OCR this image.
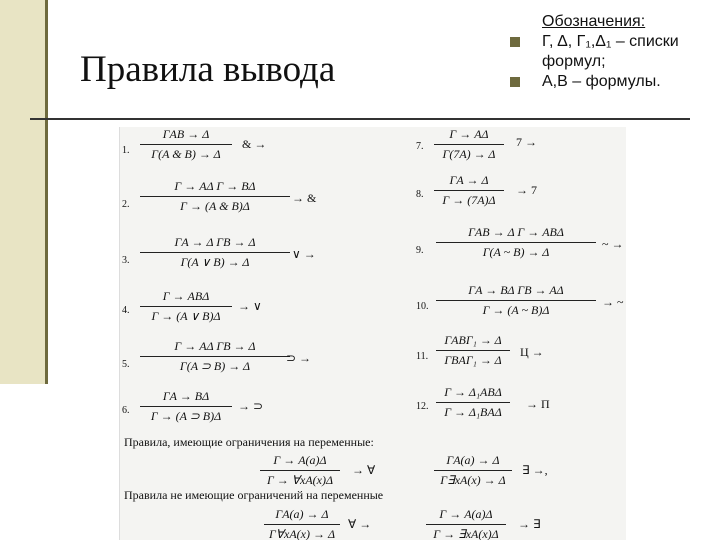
Правила вывода
Обозначения:
Γ, Δ, Γ₁,Δ₁ – списки формул;
А,В – формулы.
1.
ΓAB → Δ
Γ(A & B) → Δ
& →
2.
Γ → AΔ Γ → BΔ
Γ → (A & B)Δ
→ &
3.
ΓA → Δ ΓB → Δ
Γ(A ∨ B) → Δ
∨ →
4.
Γ → ABΔ
Γ → (A ∨ B)Δ
→ ∨
5.
Γ → AΔ ΓB → Δ
Γ(A ⊃ B) → Δ
⊃ →
6.
ΓA → BΔ
Γ → (A ⊃ B)Δ
→ ⊃
7.
Γ → AΔ
Γ(7A) → Δ
7 →
8.
ΓA → Δ
Γ → (7A)Δ
→ 7
9.
ΓAB → Δ Γ → ABΔ
Γ(A ~ B) → Δ
~ →
10.
ΓA → BΔ ΓB → AΔ
Γ → (A ~ B)Δ
→ ~
11.
ΓABΓ₁ → Δ
ΓBAΓ₁ → Δ
Ц →
12.
Γ → Δ₁ABΔ
Γ → Δ₁BAΔ
→ П
Правила, имеющие ограничения на переменные:
Γ → A(a)Δ
Γ → ∀xA(x)Δ
→ ∀
ΓA(a) → Δ
Γ∃xA(x) → Δ
∃ →,
Правила не имеющие ограничений на переменные
ΓA(a) → Δ
Γ∀xA(x) → Δ
∀ →
Γ → A(a)Δ
Γ → ∃xA(x)Δ
→ ∃
